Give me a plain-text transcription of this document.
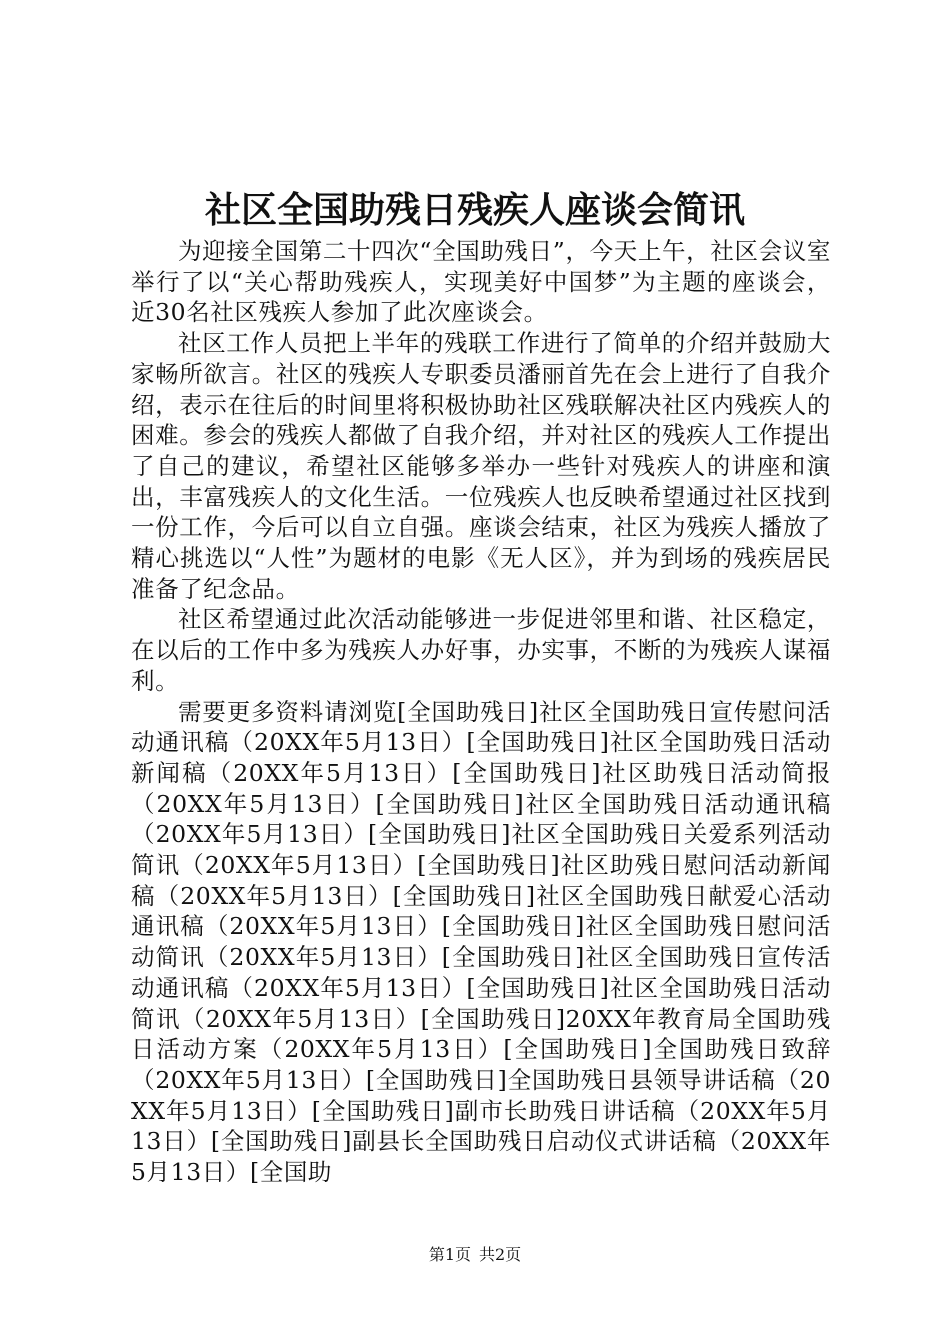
社区全国助残日残疾人座谈会简讯

为迎接全国第二十四次“全国助残日”，今天上午，社区会议室举行了以“关心帮助残疾人，实现美好中国梦”为主题的座谈会，近30名社区残疾人参加了此次座谈会。

社区工作人员把上半年的残联工作进行了简单的介绍并鼓励大家畅所欲言。社区的残疾人专职委员潘丽首先在会上进行了自我介绍，表示在往后的时间里将积极协助社区残联解决社区内残疾人的困难。参会的残疾人都做了自我介绍，并对社区的残疾人工作提出了自己的建议，希望社区能够多举办一些针对残疾人的讲座和演出，丰富残疾人的文化生活。一位残疾人也反映希望通过社区找到一份工作，今后可以自立自强。座谈会结束，社区为残疾人播放了精心挑选以“人性”为题材的电影《无人区》，并为到场的残疾居民准备了纪念品。

社区希望通过此次活动能够进一步促进邻里和谐、社区稳定，在以后的工作中多为残疾人办好事，办实事，不断的为残疾人谋福利。

需要更多资料请浏览[全国助残日]社区全国助残日宣传慰问活动通讯稿（20XX年5月13日）[全国助残日]社区全国助残日活动新闻稿（20XX年5月13日）[全国助残日]社区助残日活动简报（20XX年5月13日）[全国助残日]社区全国助残日活动通讯稿（20XX年5月13日）[全国助残日]社区全国助残日关爱系列活动简讯（20XX年5月13日）[全国助残日]社区助残日慰问活动新闻稿（20XX年5月13日）[全国助残日]社区全国助残日献爱心活动通讯稿（20XX年5月13日）[全国助残日]社区全国助残日慰问活动简讯（20XX年5月13日）[全国助残日]社区全国助残日宣传活动通讯稿（20XX年5月13日）[全国助残日]社区全国助残日活动简讯（20XX年5月13日）[全国助残日]20XX年教育局全国助残日活动方案（20XX年5月13日）[全国助残日]全国助残日致辞（20XX年5月13日）[全国助残日]全国助残日县领导讲话稿（20XX年5月13日）[全国助残日]副市长助残日讲话稿（20XX年5月13日）[全国助残日]副县长全国助残日启动仪式讲话稿（20XX年5月13日）[全国助

第1页 共2页
